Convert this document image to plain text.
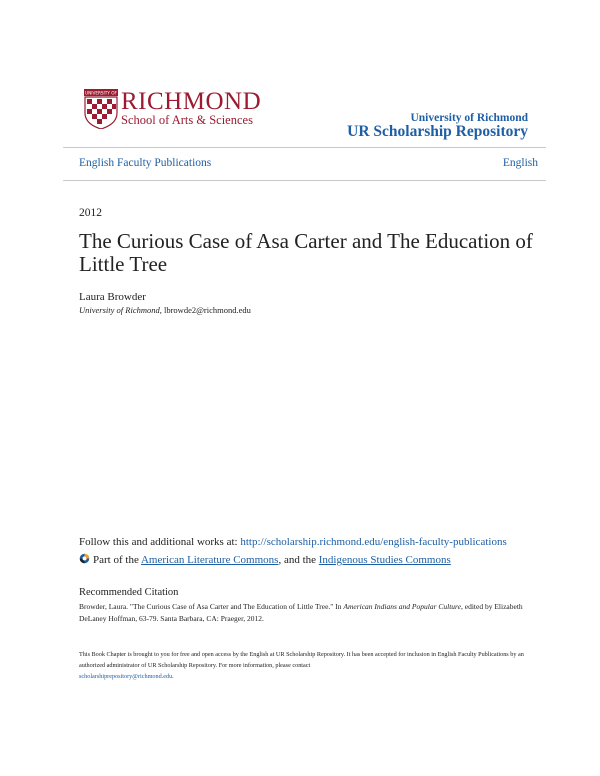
UNIVERSITY OF RICHMOND
School of Arts & Sciences	University of Richmond
UR Scholarship Repository
English Faculty Publications	English
2012
The Curious Case of Asa Carter and The Education of Little Tree
Laura Browder
University of Richmond, lbrowde2@richmond.edu
Follow this and additional works at: http://scholarship.richmond.edu/english-faculty-publications
Part of the American Literature Commons, and the Indigenous Studies Commons
Recommended Citation
Browder, Laura. "The Curious Case of Asa Carter and The Education of Little Tree." In American Indians and Popular Culture, edited by Elizabeth DeLaney Hoffman, 63-79. Santa Barbara, CA: Praeger, 2012.
This Book Chapter is brought to you for free and open access by the English at UR Scholarship Repository. It has been accepted for inclusion in English Faculty Publications by an authorized administrator of UR Scholarship Repository. For more information, please contact
scholarshiprepository@richmond.edu.
